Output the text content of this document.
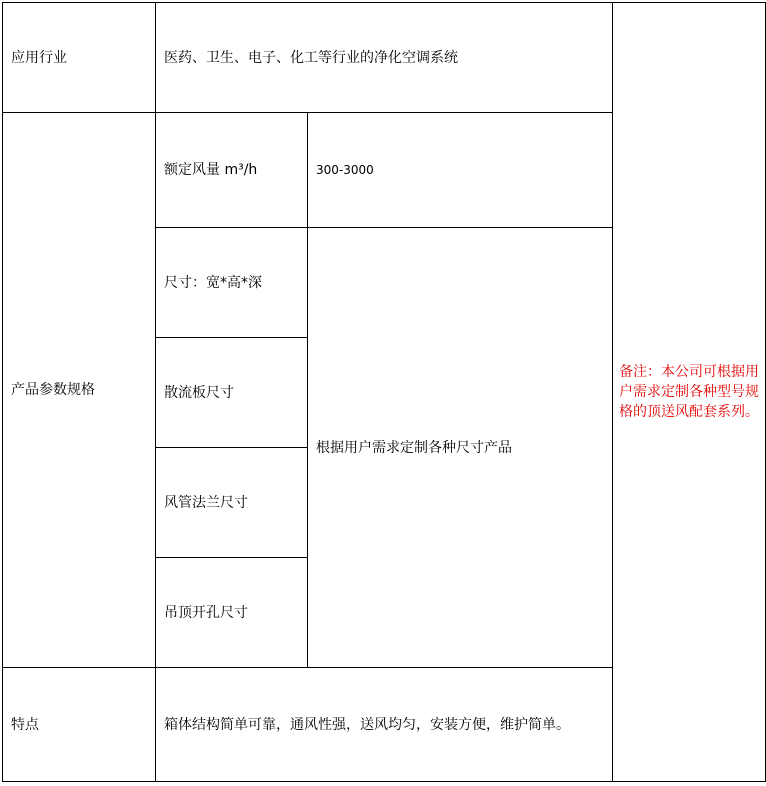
应用行业	医药、卫生、电子、化工等行业的净化空调系统		备注：本公司可根据用户需求定制各种型号规格的顶送风配套系列。
产品参数规格	额定风量 m³/h	300-3000	
	尺寸：宽*高*深	根据用户需求定制各种尺寸产品	
	散流板尺寸		
	风管法兰尺寸		
	吊顶开孔尺寸		
特点	箱体结构简单可靠，通风性强，送风均匀，安装方便，维护简单。		
